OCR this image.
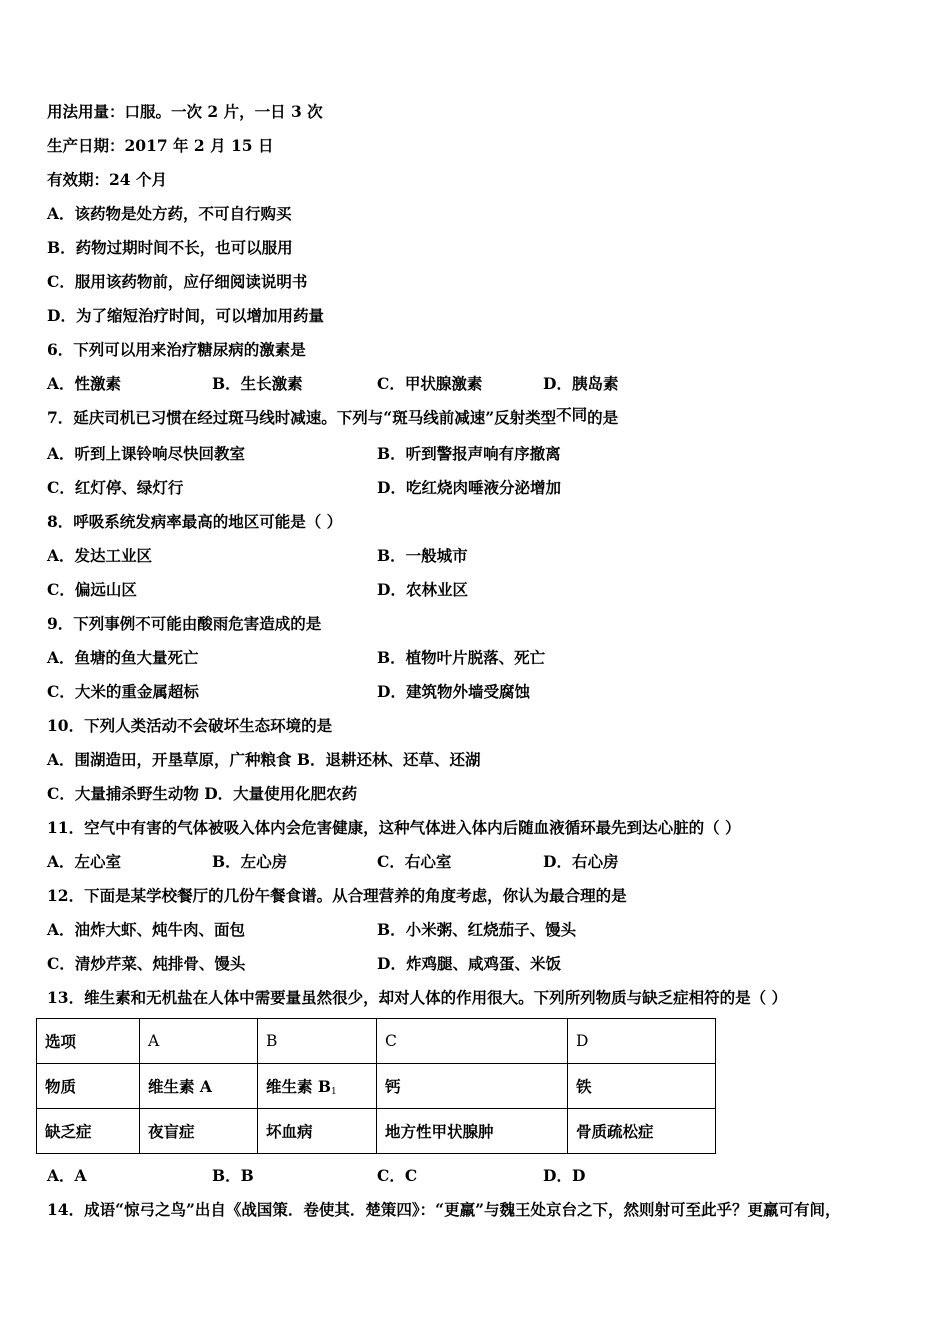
用法用量：口服。一次 2 片，一日 3 次
生产日期：2017 年 2 月 15 日
有效期：24 个月
A．该药物是处方药，不可自行购买
B．药物过期时间不长，也可以服用
C．服用该药物前，应仔细阅读说明书
D．为了缩短治疗时间，可以增加用药量
6．下列可以用来治疗糖尿病的激素是
A．性激素	B．生长激素	C．甲状腺激素	D．胰岛素
7．延庆司机已习惯在经过斑马线时减速。下列与“斑马线前减速”反射类型不同的是
A．听到上课铃响尽快回教室	B．听到警报声响有序撤离
C．红灯停、绿灯行	D．吃红烧肉唾液分泌增加
8．呼吸系统发病率最高的地区可能是（ ）
A．发达工业区	B．一般城市
C．偏远山区	D．农林业区
9．下列事例不可能由酸雨危害造成的是
A．鱼塘的鱼大量死亡	B．植物叶片脱落、死亡
C．大米的重金属超标	D．建筑物外墙受腐蚀
10．下列人类活动不会破坏生态环境的是
A．围湖造田，开垦草原，广种粮食 B．退耕还林、还草、还湖
C．大量捕杀野生动物 D．大量使用化肥农药
11．空气中有害的气体被吸入体内会危害健康，这种气体进入体内后随血液循环最先到达心脏的（ ）
A．左心室	B．左心房	C．右心室	D．右心房
12．下面是某学校餐厅的几份午餐食谱。从合理营养的角度考虑，你认为最合理的是
A．油炸大虾、炖牛肉、面包	B．小米粥、红烧茄子、馒头
C．清炒芹菜、炖排骨、馒头	D．炸鸡腿、咸鸡蛋、米饭
13．维生素和无机盐在人体中需要量虽然很少，却对人体的作用很大。下列所列物质与缺乏症相符的是（ ）
选项	A	B	C	D
物质	维生素 A	维生素 $B_1$	钙	铁
缺乏症	夜盲症	坏血病	地方性甲状腺肿	骨质疏松症
A．A	B．B	C．C	D．D
14．成语“惊弓之鸟”出自《战国策．卷使其．楚策四》：“更羸”与魏王处京台之下，然则射可至此乎？更羸可有间，
